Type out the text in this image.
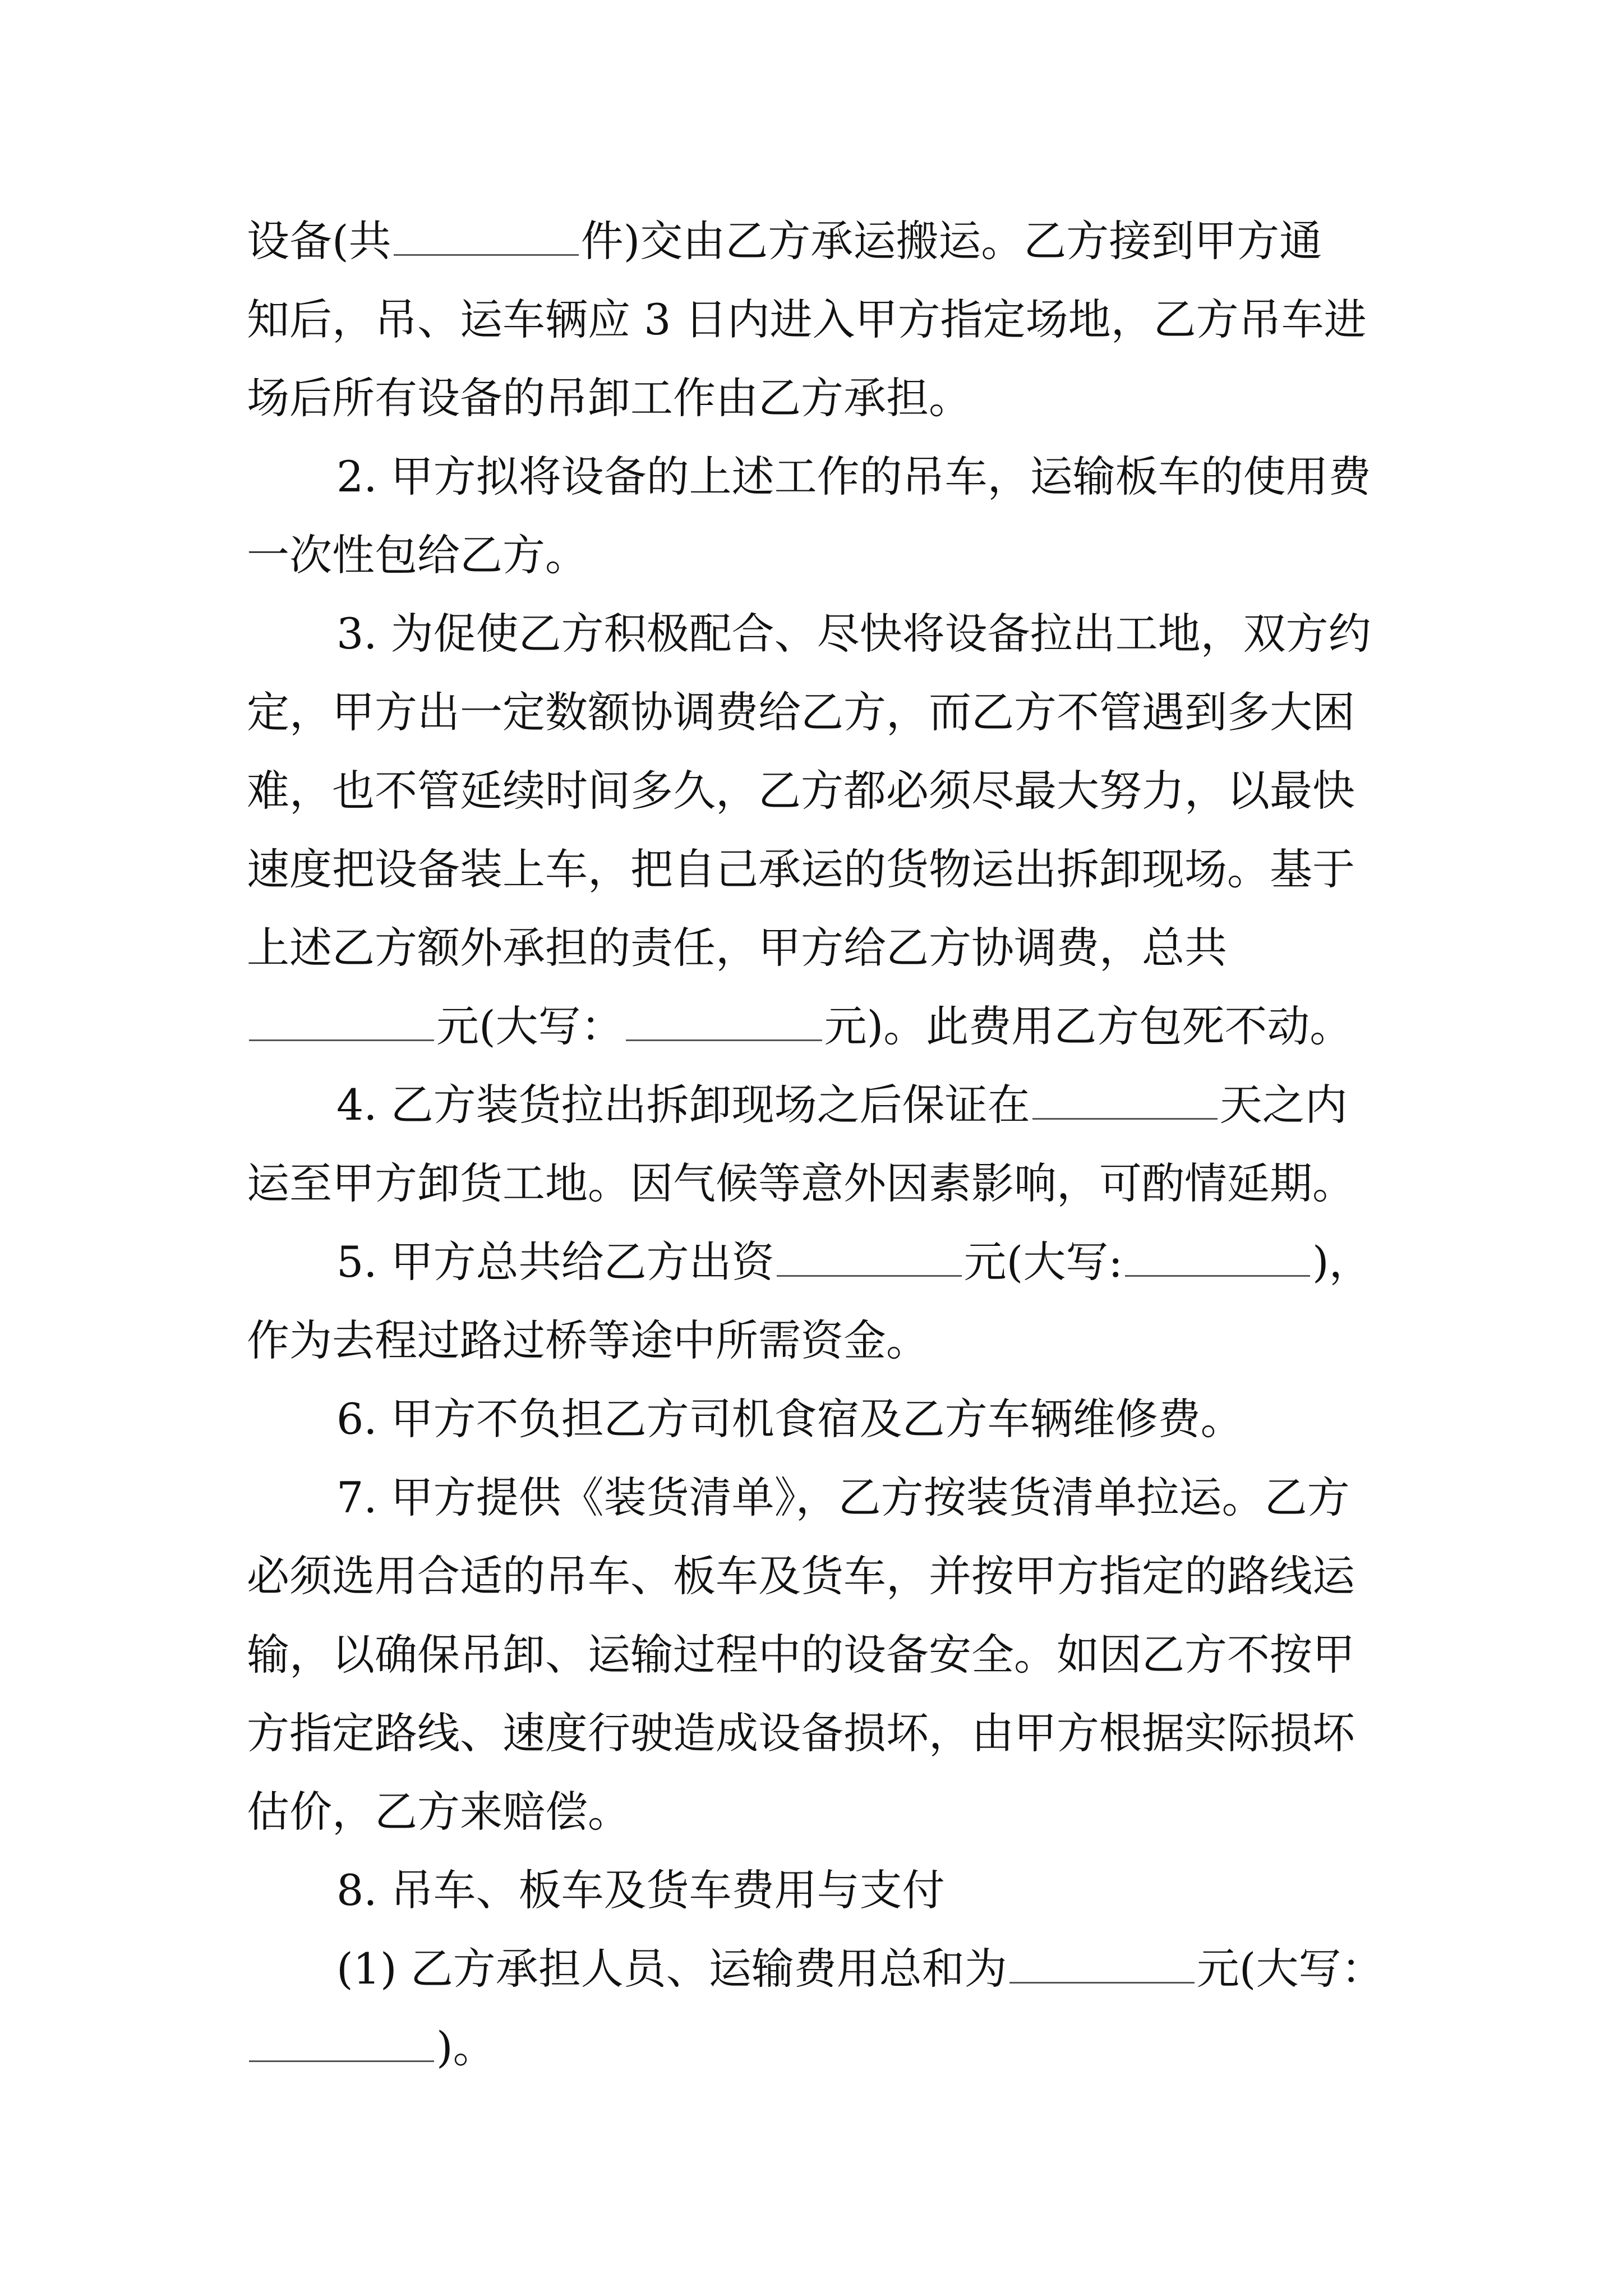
设备(共	件)交由乙方承运搬运。乙方接到甲方通
知后，吊、运车辆应 3 日内进入甲方指定场地，乙方吊车进
场后所有设备的吊卸工作由乙方承担。
2. 甲方拟将设备的上述工作的吊车，运输板车的使用费
一次性包给乙方。
3. 为促使乙方积极配合、尽快将设备拉出工地，双方约
定，甲方出一定数额协调费给乙方，而乙方不管遇到多大困
难，也不管延续时间多久，乙方都必须尽最大努力，以最快
速度把设备装上车，把自己承运的货物运出拆卸现场。基于
上述乙方额外承担的责任，甲方给乙方协调费，总共
元(大写：	元)。此费用乙方包死不动。
4. 乙方装货拉出拆卸现场之后保证在	天之内
运至甲方卸货工地。因气候等意外因素影响，可酌情延期。
5. 甲方总共给乙方出资	元(大写:	)，
作为去程过路过桥等途中所需资金。
6. 甲方不负担乙方司机食宿及乙方车辆维修费。
7. 甲方提供《装货清单》，乙方按装货清单拉运。乙方
必须选用合适的吊车、板车及货车，并按甲方指定的路线运
输，以确保吊卸、运输过程中的设备安全。如因乙方不按甲
方指定路线、速度行驶造成设备损坏，由甲方根据实际损坏
估价，乙方来赔偿。
8. 吊车、板车及货车费用与支付
(1) 乙方承担人员、运输费用总和为	元(大写：
)。
